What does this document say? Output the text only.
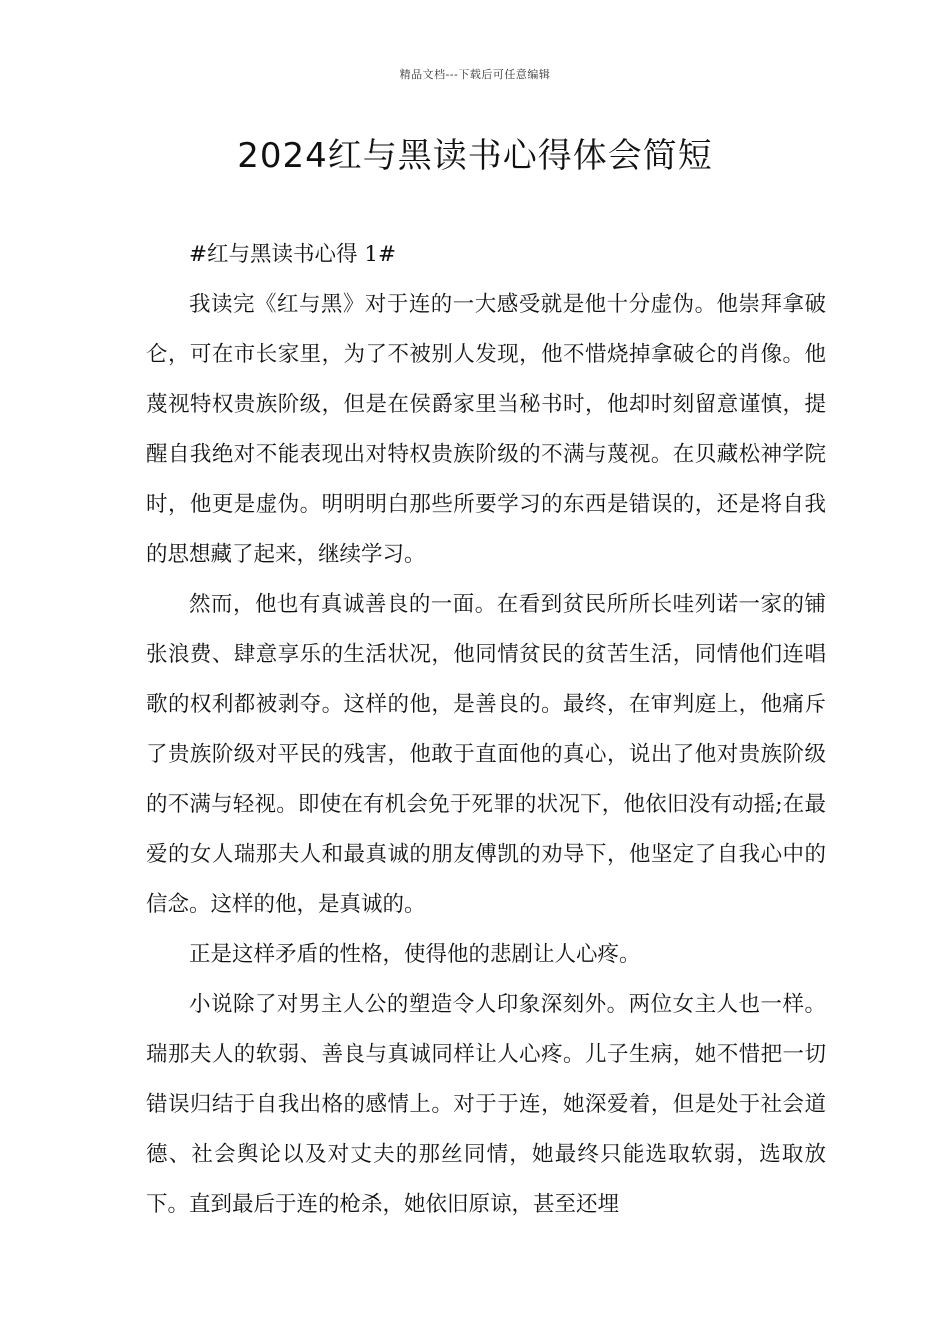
精品文档---下载后可任意编辑
2024红与黑读书心得体会简短

#红与黑读书心得 1#

我读完《红与黑》对于连的一大感受就是他十分虚伪。他崇拜拿破仑，可在市长家里，为了不被别人发现，他不惜烧掉拿破仑的肖像。他蔑视特权贵族阶级，但是在侯爵家里当秘书时，他却时刻留意谨慎，提醒自我绝对不能表现出对特权贵族阶级的不满与蔑视。在贝藏松神学院时，他更是虚伪。明明明白那些所要学习的东西是错误的，还是将自我的思想藏了起来，继续学习。

然而，他也有真诚善良的一面。在看到贫民所所长哇列诺一家的铺张浪费、肆意享乐的生活状况，他同情贫民的贫苦生活，同情他们连唱歌的权利都被剥夺。这样的他，是善良的。最终，在审判庭上，他痛斥了贵族阶级对平民的残害，他敢于直面他的真心，说出了他对贵族阶级的不满与轻视。即使在有机会免于死罪的状况下，他依旧没有动摇;在最爱的女人瑞那夫人和最真诚的朋友傅凯的劝导下，他坚定了自我心中的信念。这样的他，是真诚的。

正是这样矛盾的性格，使得他的悲剧让人心疼。

小说除了对男主人公的塑造令人印象深刻外。两位女主人也一样。瑞那夫人的软弱、善良与真诚同样让人心疼。儿子生病，她不惜把一切错误归结于自我出格的感情上。对于于连，她深爱着，但是处于社会道德、社会舆论以及对丈夫的那丝同情，她最终只能选取软弱，选取放下。直到最后于连的枪杀，她依旧原谅，甚至还埋
